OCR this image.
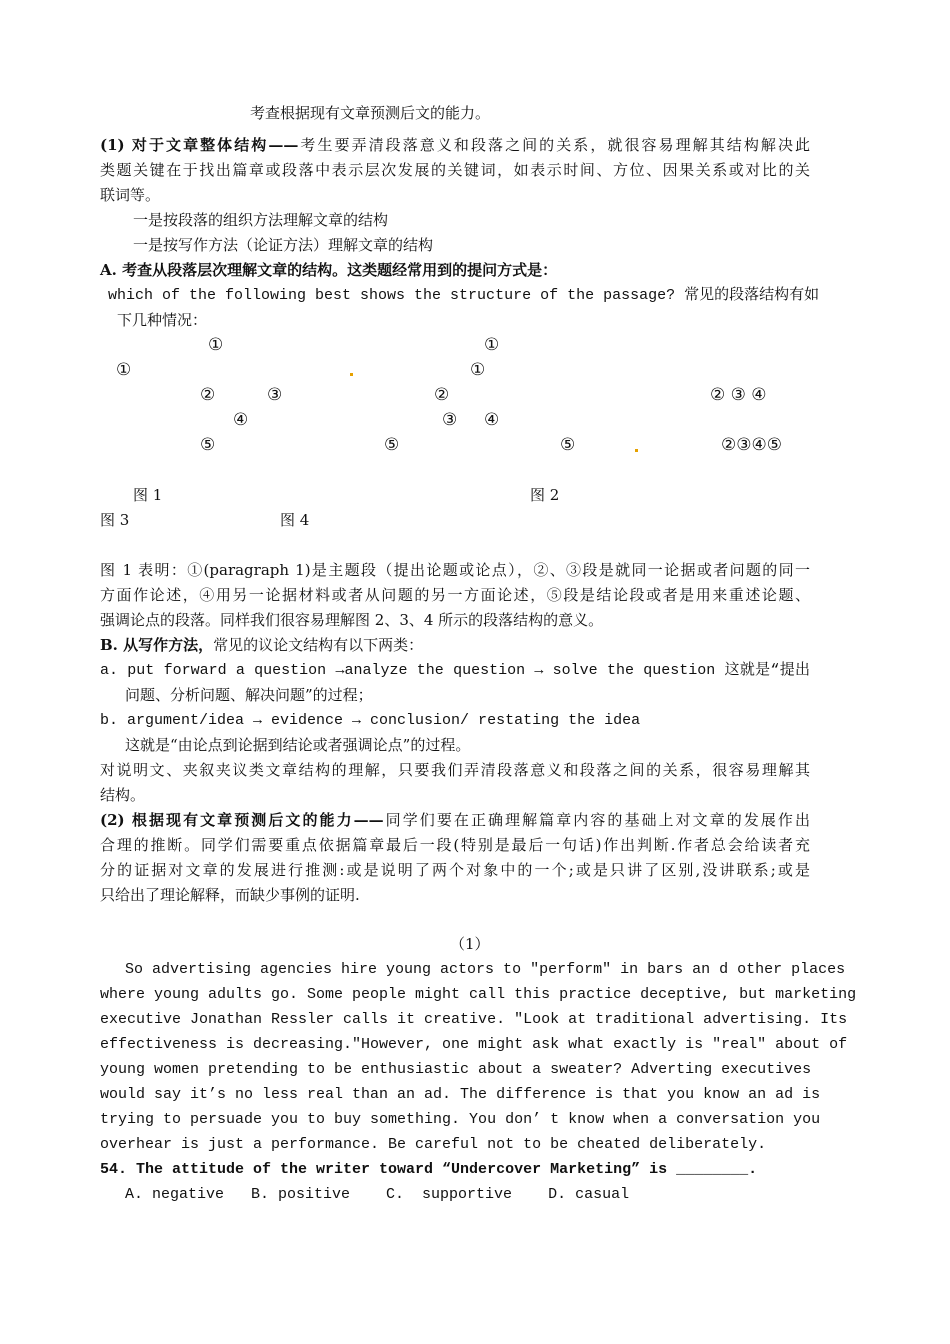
考查根据现有文章预测后文的能力。
(1) 对于文章整体结构——考生要弄清段落意义和段落之间的关系，就很容易理解其结构解决此
类题关键在于找出篇章或段落中表示层次发展的关键词，如表示时间、方位、因果关系或对比的关
联词等。
一是按段落的组织方法理解文章的结构
一是按写作方法（论证方法）理解文章的结构
A. 考查从段落层次理解文章的结构。这类题经常用到的提问方式是：
which of the following best shows the structure of the passage? 常见的段落结构有如
下几种情况：
①	①
①	①
②	③	②	② ③ ④
④	③ ④
⑤	⑤	⑤	②③④⑤
图 1	图 2
图 3	图 4
图 1 表明：①(paragraph 1)是主题段（提出论题或论点），②、③段是就同一论据或者问题的同一
方面作论述，④用另一论据材料或者从问题的另一方面论述，⑤段是结论段或者是用来重述论题、
强调论点的段落。同样我们很容易理解图 2、3、4 所示的段落结构的意义。
B. 从写作方法，常见的议论文结构有以下两类：
a. put forward a question →analyze the question → solve the question 这就是“提出
问题、分析问题、解决问题”的过程；
b. argument/idea → evidence → conclusion/ restating the idea
这就是“由论点到论据到结论或者强调论点”的过程。
对说明文、夹叙夹议类文章结构的理解，只要我们弄清段落意义和段落之间的关系，很容易理解其
结构。
(2) 根据现有文章预测后文的能力——同学们要在正确理解篇章内容的基础上对文章的发展作出
合理的推断。同学们需要重点依据篇章最后一段(特别是最后一句话)作出判断.作者总会给读者充
分的证据对文章的发展进行推测:或是说明了两个对象中的一个;或是只讲了区别,没讲联系;或是
只给出了理论解释，而缺少事例的证明.
（1）
So advertising agencies hire young actors to "perform" in bars an d other places
where young adults go. Some people might call this practice deceptive, but marketing
executive Jonathan Ressler calls it creative. "Look at traditional advertising. Its
effectiveness is decreasing."However, one might ask what exactly is "real" about of
young women pretending to be enthusiastic about a sweater? Adverting executives
would say it’s no less real than an ad. The difference is that you know an ad is
trying to persuade you to buy something. You don’ t know when a conversation you
overhear is just a performance. Be careful not to be cheated deliberately.
54. The attitude of the writer toward “Undercover Marketing” is ________.
A. negative   B. positive    C.  supportive    D. casual
